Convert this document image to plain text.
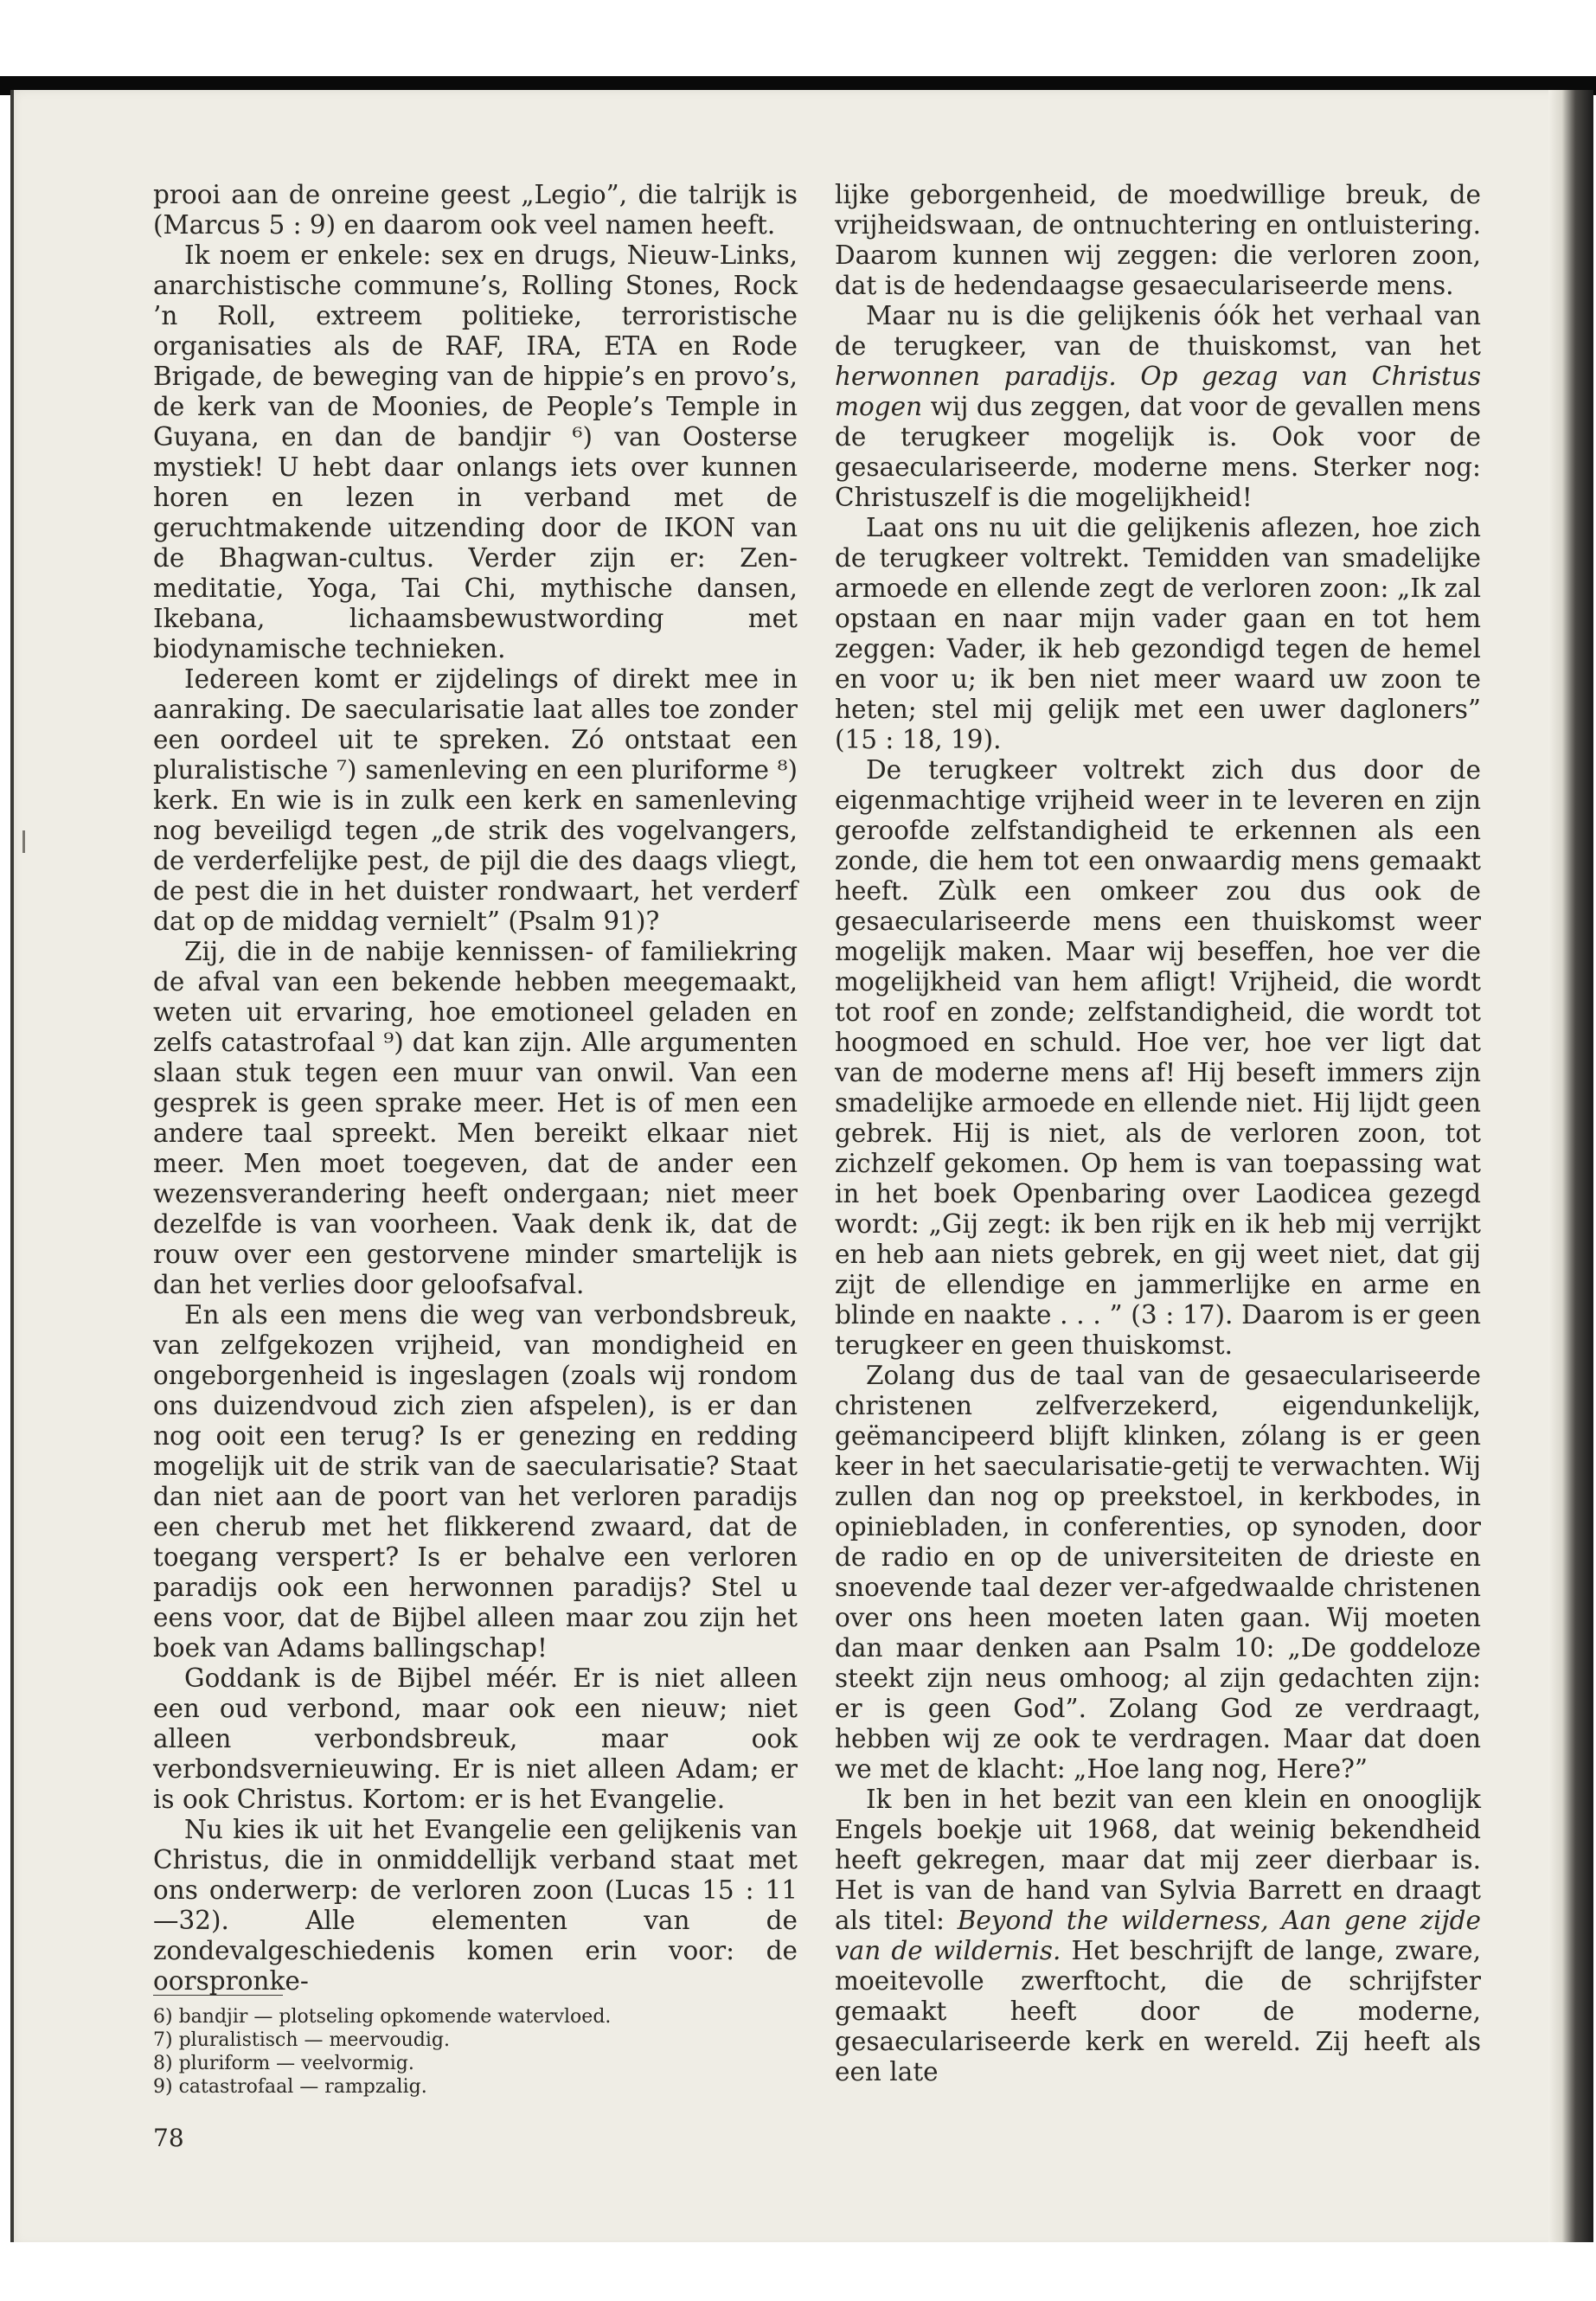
prooi aan de onreine geest „Legio”, die talrijk is (Marcus 5 : 9) en daarom ook veel namen heeft.

Ik noem er enkele: sex en drugs, Nieuw-Links, anarchistische commune’s, Rolling Stones, Rock ’n Roll, extreem politieke, terroristische organisaties als de RAF, IRA, ETA en Rode Brigade, de beweging van de hippie’s en provo’s, de kerk van de Moonies, de People’s Temple in Guyana, en dan de bandjir ⁶) van Oosterse mystiek! U hebt daar onlangs iets over kunnen horen en lezen in verband met de geruchtmakende uitzending door de IKON van de Bhagwan-cultus. Verder zijn er: Zen-meditatie, Yoga, Tai Chi, mythische dansen, Ikebana, lichaamsbewustwording met biodynamische technieken.

Iedereen komt er zijdelings of direkt mee in aanraking. De saecularisatie laat alles toe zonder een oordeel uit te spreken. Zó ontstaat een pluralistische ⁷) samenleving en een pluriforme ⁸) kerk. En wie is in zulk een kerk en samenleving nog beveiligd tegen „de strik des vogelvangers, de verderfelijke pest, de pijl die des daags vliegt, de pest die in het duister rondwaart, het verderf dat op de middag vernielt” (Psalm 91)?

Zij, die in de nabije kennissen- of familiekring de afval van een bekende hebben meegemaakt, weten uit ervaring, hoe emotioneel geladen en zelfs catastrofaal ⁹) dat kan zijn. Alle argumenten slaan stuk tegen een muur van onwil. Van een gesprek is geen sprake meer. Het is of men een andere taal spreekt. Men bereikt elkaar niet meer. Men moet toegeven, dat de ander een wezensverandering heeft ondergaan; niet meer dezelfde is van voorheen. Vaak denk ik, dat de rouw over een gestorvene minder smartelijk is dan het verlies door geloofsafval.

En als een mens die weg van verbondsbreuk, van zelfgekozen vrijheid, van mondigheid en ongeborgenheid is ingeslagen (zoals wij rondom ons duizendvoud zich zien afspelen), is er dan nog ooit een terug? Is er genezing en redding mogelijk uit de strik van de saecularisatie? Staat dan niet aan de poort van het verloren paradijs een cherub met het flikkerend zwaard, dat de toegang verspert? Is er behalve een verloren paradijs ook een herwonnen paradijs? Stel u eens voor, dat de Bijbel alleen maar zou zijn het boek van Adams ballingschap!

Goddank is de Bijbel méér. Er is niet alleen een oud verbond, maar ook een nieuw; niet alleen verbondsbreuk, maar ook verbondsvernieuwing. Er is niet alleen Adam; er is ook Christus. Kortom: er is het Evangelie.

Nu kies ik uit het Evangelie een gelijkenis van Christus, die in onmiddellijk verband staat met ons onderwerp: de verloren zoon (Lucas 15 : 11—32). Alle elementen van de zondevalgeschiedenis komen erin voor: de oorspronke-

6) bandjir — plotseling opkomende watervloed.
7) pluralistisch — meervoudig.
8) pluriform — veelvormig.
9) catastrofaal — rampzalig.
78

lijke geborgenheid, de moedwillige breuk, de vrijheidswaan, de ontnuchtering en ontluistering. Daarom kunnen wij zeggen: die verloren zoon, dat is de hedendaagse gesaeculariseerde mens.

Maar nu is die gelijkenis óók het verhaal van de terugkeer, van de thuiskomst, van het herwonnen paradijs. Op gezag van Christus mogen wij dus zeggen, dat voor de gevallen mens de terugkeer mogelijk is. Ook voor de gesaeculariseerde, moderne mens. Sterker nog: Christuszelf is die mogelijkheid!

Laat ons nu uit die gelijkenis aflezen, hoe zich de terugkeer voltrekt. Temidden van smadelijke armoede en ellende zegt de verloren zoon: „Ik zal opstaan en naar mijn vader gaan en tot hem zeggen: Vader, ik heb gezondigd tegen de hemel en voor u; ik ben niet meer waard uw zoon te heten; stel mij gelijk met een uwer dagloners” (15 : 18, 19).

De terugkeer voltrekt zich dus door de eigenmachtige vrijheid weer in te leveren en zijn geroofde zelfstandigheid te erkennen als een zonde, die hem tot een onwaardig mens gemaakt heeft. Zùlk een omkeer zou dus ook de gesaeculariseerde mens een thuiskomst weer mogelijk maken. Maar wij beseffen, hoe ver die mogelijkheid van hem afligt! Vrijheid, die wordt tot roof en zonde; zelfstandigheid, die wordt tot hoogmoed en schuld. Hoe ver, hoe ver ligt dat van de moderne mens af! Hij beseft immers zijn smadelijke armoede en ellende niet. Hij lijdt geen gebrek. Hij is niet, als de verloren zoon, tot zichzelf gekomen. Op hem is van toepassing wat in het boek Openbaring over Laodicea gezegd wordt: „Gij zegt: ik ben rijk en ik heb mij verrijkt en heb aan niets gebrek, en gij weet niet, dat gij zijt de ellendige en jammerlijke en arme en blinde en naakte . . . ” (3 : 17). Daarom is er geen terugkeer en geen thuiskomst.

Zolang dus de taal van de gesaeculariseerde christenen zelfverzekerd, eigendunkelijk, geëmancipeerd blijft klinken, zólang is er geen keer in het saecularisatie-getij te verwachten. Wij zullen dan nog op preekstoel, in kerkbodes, in opiniebladen, in conferenties, op synoden, door de radio en op de universiteiten de drieste en snoevende taal dezer ver-afgedwaalde christenen over ons heen moeten laten gaan. Wij moeten dan maar denken aan Psalm 10: „De goddeloze steekt zijn neus omhoog; al zijn gedachten zijn: er is geen God”. Zolang God ze verdraagt, hebben wij ze ook te verdragen. Maar dat doen we met de klacht: „Hoe lang nog, Here?”

Ik ben in het bezit van een klein en onooglijk Engels boekje uit 1968, dat weinig bekendheid heeft gekregen, maar dat mij zeer dierbaar is. Het is van de hand van Sylvia Barrett en draagt als titel: Beyond the wilderness, Aan gene zijde van de wildernis. Het beschrijft de lange, zware, moeitevolle zwerftocht, die de schrijfster gemaakt heeft door de moderne, gesaeculariseerde kerk en wereld. Zij heeft als een late
